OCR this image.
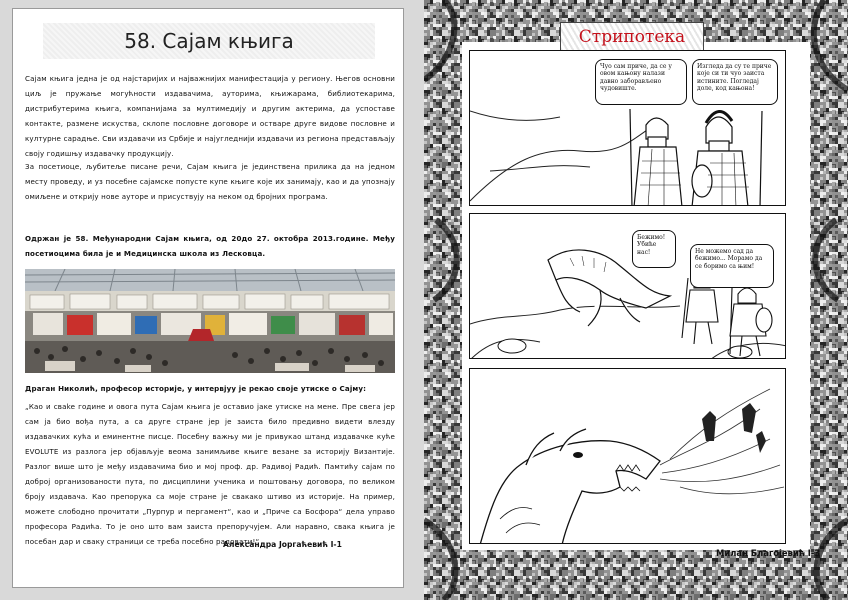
58. Сајам књига

Сајам књига једна је од најстаријих и најважнијих манифестација у региону. Његов основни циљ је пружање могућности издавачима, ауторима, књижарама, библиотекарима, дистрибутерима књига, компанијама за мултимедију и другим актерима, да успоставе контакте, размене искуства, склопе пословне договоре и остваре друге видове пословне и културне сарадње. Сви издавачи из Србије и најугледнији издавачи из региона представљају своју годишњу издавачку продукцију.

За посетиоце, љубитеље писане речи, Сајам књига је јединствена прилика да на једном месту проведу, и уз посебне сајамске попусте купе књиге које их занимају, као и да упознају омиљене и открију нове ауторе и присуствују на неком од бројних програма.

Одржан је 58. Међународни Сајам књига, од 20до 27. октобра 2013.године. Међу посетиоцима била је и Медицинска школа из Лесковца.

Драган Николић, професор историје, у интервјуу је рекао своје утиске о Сајму:

„Као и свake године и овога пута Сајам књига је оставио јаке утиске на мене. Пре свега јер сам ја био вођа пута, а са друге стране јер је заиста било предивно видети влезду издавачких кућа и еминентне писце. Посебну важњу ми је привукао штанд издавачке куће EVOLUTE из разлога јер објављује веома занимљиве књиге везане за историју Византије. Разлог више што је међу издавачима био и мој проф. др. Радивој Радић. Памтићу сајам по доброј организованости пута, по дисциплини ученика и поштовању договора, по великом броју издавача. Као препорука са моје стране је свакако штиво из историје. На пример, можете слободно прочитати „Пурпур и пергамент“, као и „Приче са Босфора“ дела управо професора Радића. То је оно што вам заиста препоручујем. Али наравно, свака књига је посебан дар и сваку страници се треба посебно радовати!“

Александра Јоргаћевић I-1
Стрипотека
Чуо сам приче, да се у овом кањону налази давно заборављено чудовиште.
Изгледа да су те приче које си ти чуо заиста истините. Погледај доле, код кањона!
Бежимо! Убиће нас!	Не можемо сад да бежимо... Морамо да се боримо са њим!
Милан Благојевић I-3
